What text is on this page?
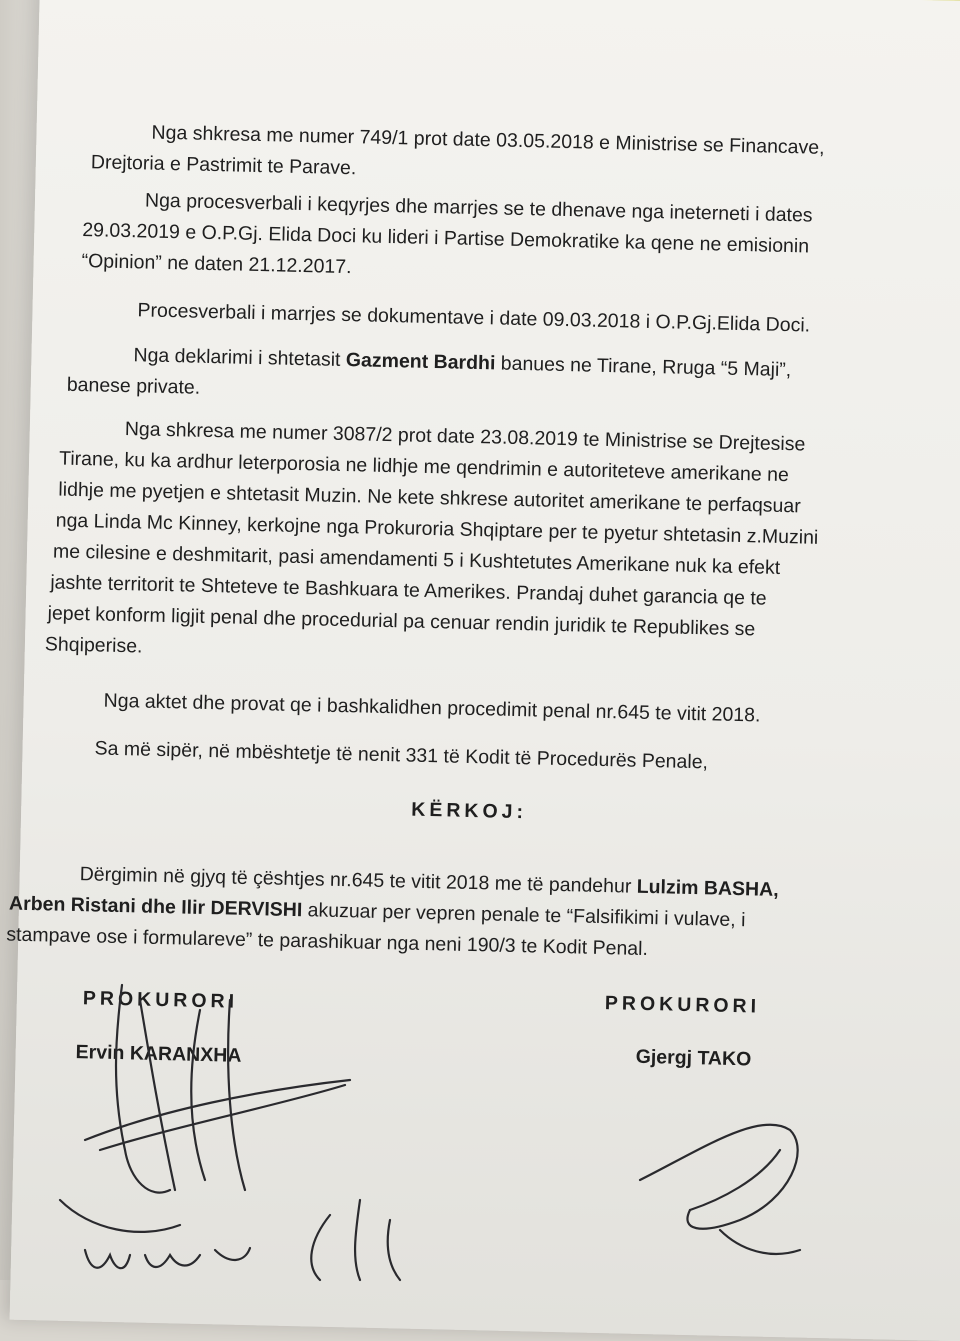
Nga shkresa me numer 749/1 prot date 03.05.2018 e Ministrise se Financave,
Drejtoria e Pastrimit te Parave.
Nga procesverbali i keqyrjes dhe marrjes se te dhenave nga ineterneti i dates
29.03.2019 e O.P.Gj. Elida Doci ku lideri i Partise Demokratike ka qene ne emisionin
“Opinion” ne daten 21.12.2017.
Procesverbali i marrjes se dokumentave i date 09.03.2018 i O.P.Gj.Elida Doci.
Nga deklarimi i shtetasit Gazment Bardhi banues ne Tirane, Rruga “5 Maji”,
banese private.
Nga shkresa me numer 3087/2 prot date 23.08.2019 te Ministrise se Drejtesise
Tirane, ku ka ardhur leterporosia ne lidhje me qendrimin e autoriteteve amerikane ne
lidhje me pyetjen e shtetasit Muzin. Ne kete shkrese autoritet amerikane te perfaqsuar
nga Linda Mc Kinney, kerkojne nga Prokuroria Shqiptare per te pyetur shtetasin z.Muzini
me cilesine e deshmitarit, pasi amendamenti 5 i Kushtetutes Amerikane nuk ka efekt
jashte territorit te Shteteve te Bashkuara te Amerikes. Prandaj duhet garancia qe te
jepet konform ligjit penal dhe procedurial pa cenuar rendin juridik te Republikes se
Shqiperise.
Nga aktet dhe provat qe i bashkalidhen procedimit penal nr.645 te vitit 2018.
Sa më sipër, në mbështetje të nenit 331 të Kodit të Procedurës Penale,
KËRKOJ:
Dërgimin në gjyq të çështjes nr.645 te vitit 2018 me të pandehur Lulzim BASHA,
Arben Ristani dhe Ilir DERVISHI akuzuar per vepren penale te “Falsifikimi i vulave, i
stampave ose i formulareve” te parashikuar nga neni 190/3 te Kodit Penal.
PROKURORI
Ervin KARANXHA
PROKURORI
Gjergj TAKO
